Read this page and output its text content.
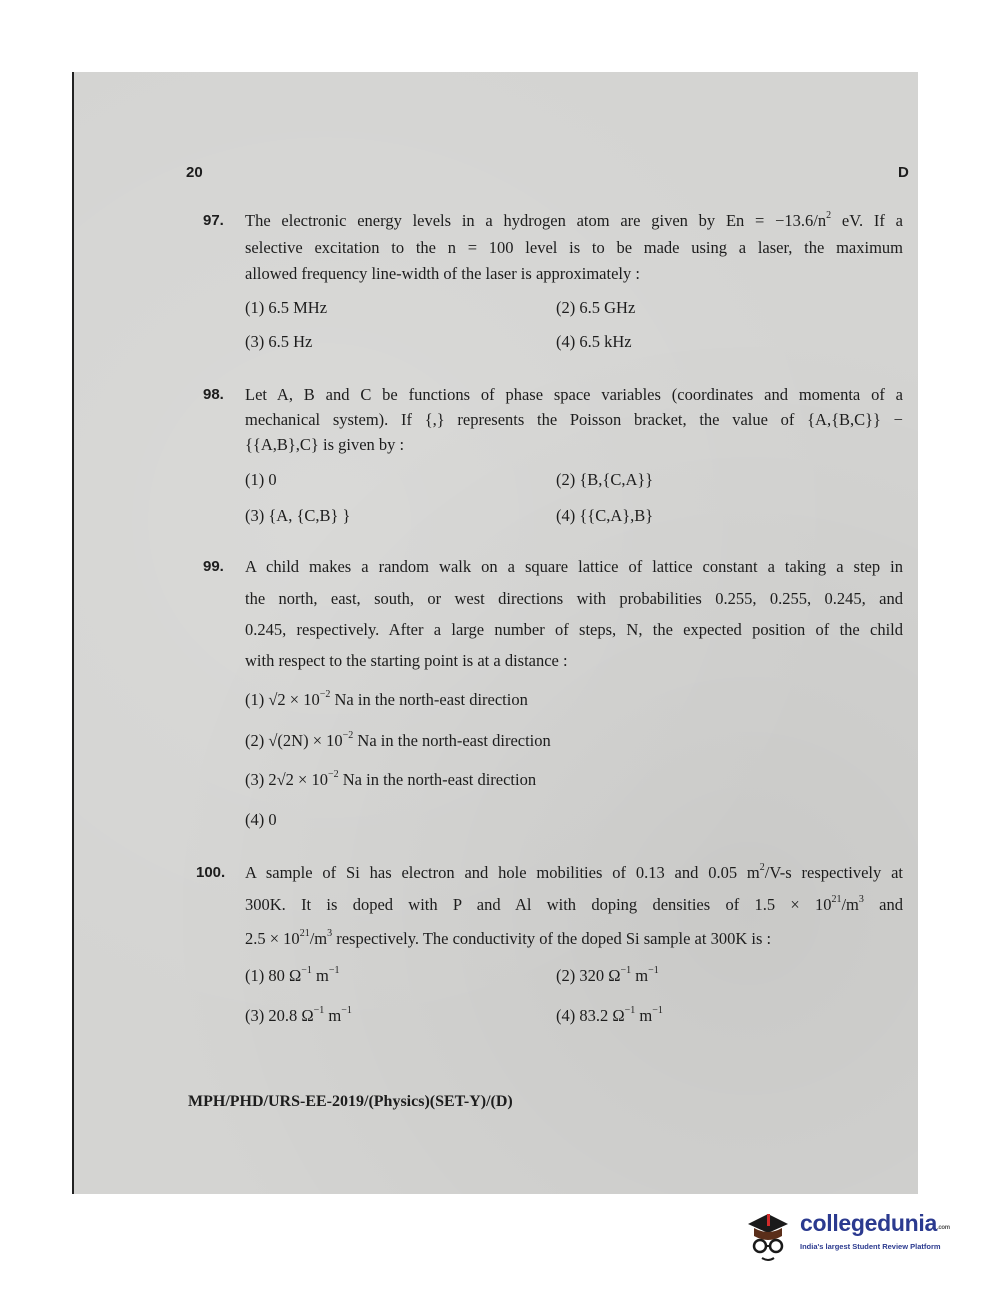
20	D
97. The electronic energy levels in a hydrogen atom are given by $En = -13.6/n^2$ eV. If a
selective excitation to the n = 100 level is to be made using a laser, the maximum
allowed frequency line-width of the laser is approximately :
(1) 6.5 MHz	(2) 6.5 GHz
(3) 6.5 Hz	(4) 6.5 kHz
98. Let A, B and C be functions of phase space variables (coordinates and momenta of a
mechanical system). If {,} represents the Poisson bracket, the value of {A,{B,C}} −
{{A,B},C} is given by :
(1) 0	(2) {B,{C,A}}
(3) {A, {C,B} }	(4) {{C,A},B}
99. A child makes a random walk on a square lattice of lattice constant a taking a step in
the north, east, south, or west directions with probabilities 0.255, 0.255, 0.245, and
0.245, respectively. After a large number of steps, N, the expected position of the child
with respect to the starting point is at a distance :
(1) $√2 \times 10^{-2}$ Na in the north-east direction
(2) $√(2N) \times 10^{-2}$ Na in the north-east direction
(3) $2√2 \times 10^{-2}$ Na in the north-east direction
(4) 0
100. A sample of Si has electron and hole mobilities of 0.13 and 0.05 $m^2/V-s$ respectively at
300K. It is doped with P and Al with doping densities of $1.5 \times 10^{21}/m^3$ and
$2.5 \times 10^{21}/m^3$ respectively. The conductivity of the doped Si sample at 300K is :
(1) 80 $\Omega^{-1}$ $m^{-1}$	(2) 320 $\Omega^{-1}$ $m^{-1}$
(3) 20.8 $\Omega^{-1}$ $m^{-1}$	(4) 83.2 $\Omega^{-1}$ $m^{-1}$
MPH/PHD/URS-EE-2019/(Physics)(SET-Y)/(D)
collegedunia.com
India's largest Student Review Platform
